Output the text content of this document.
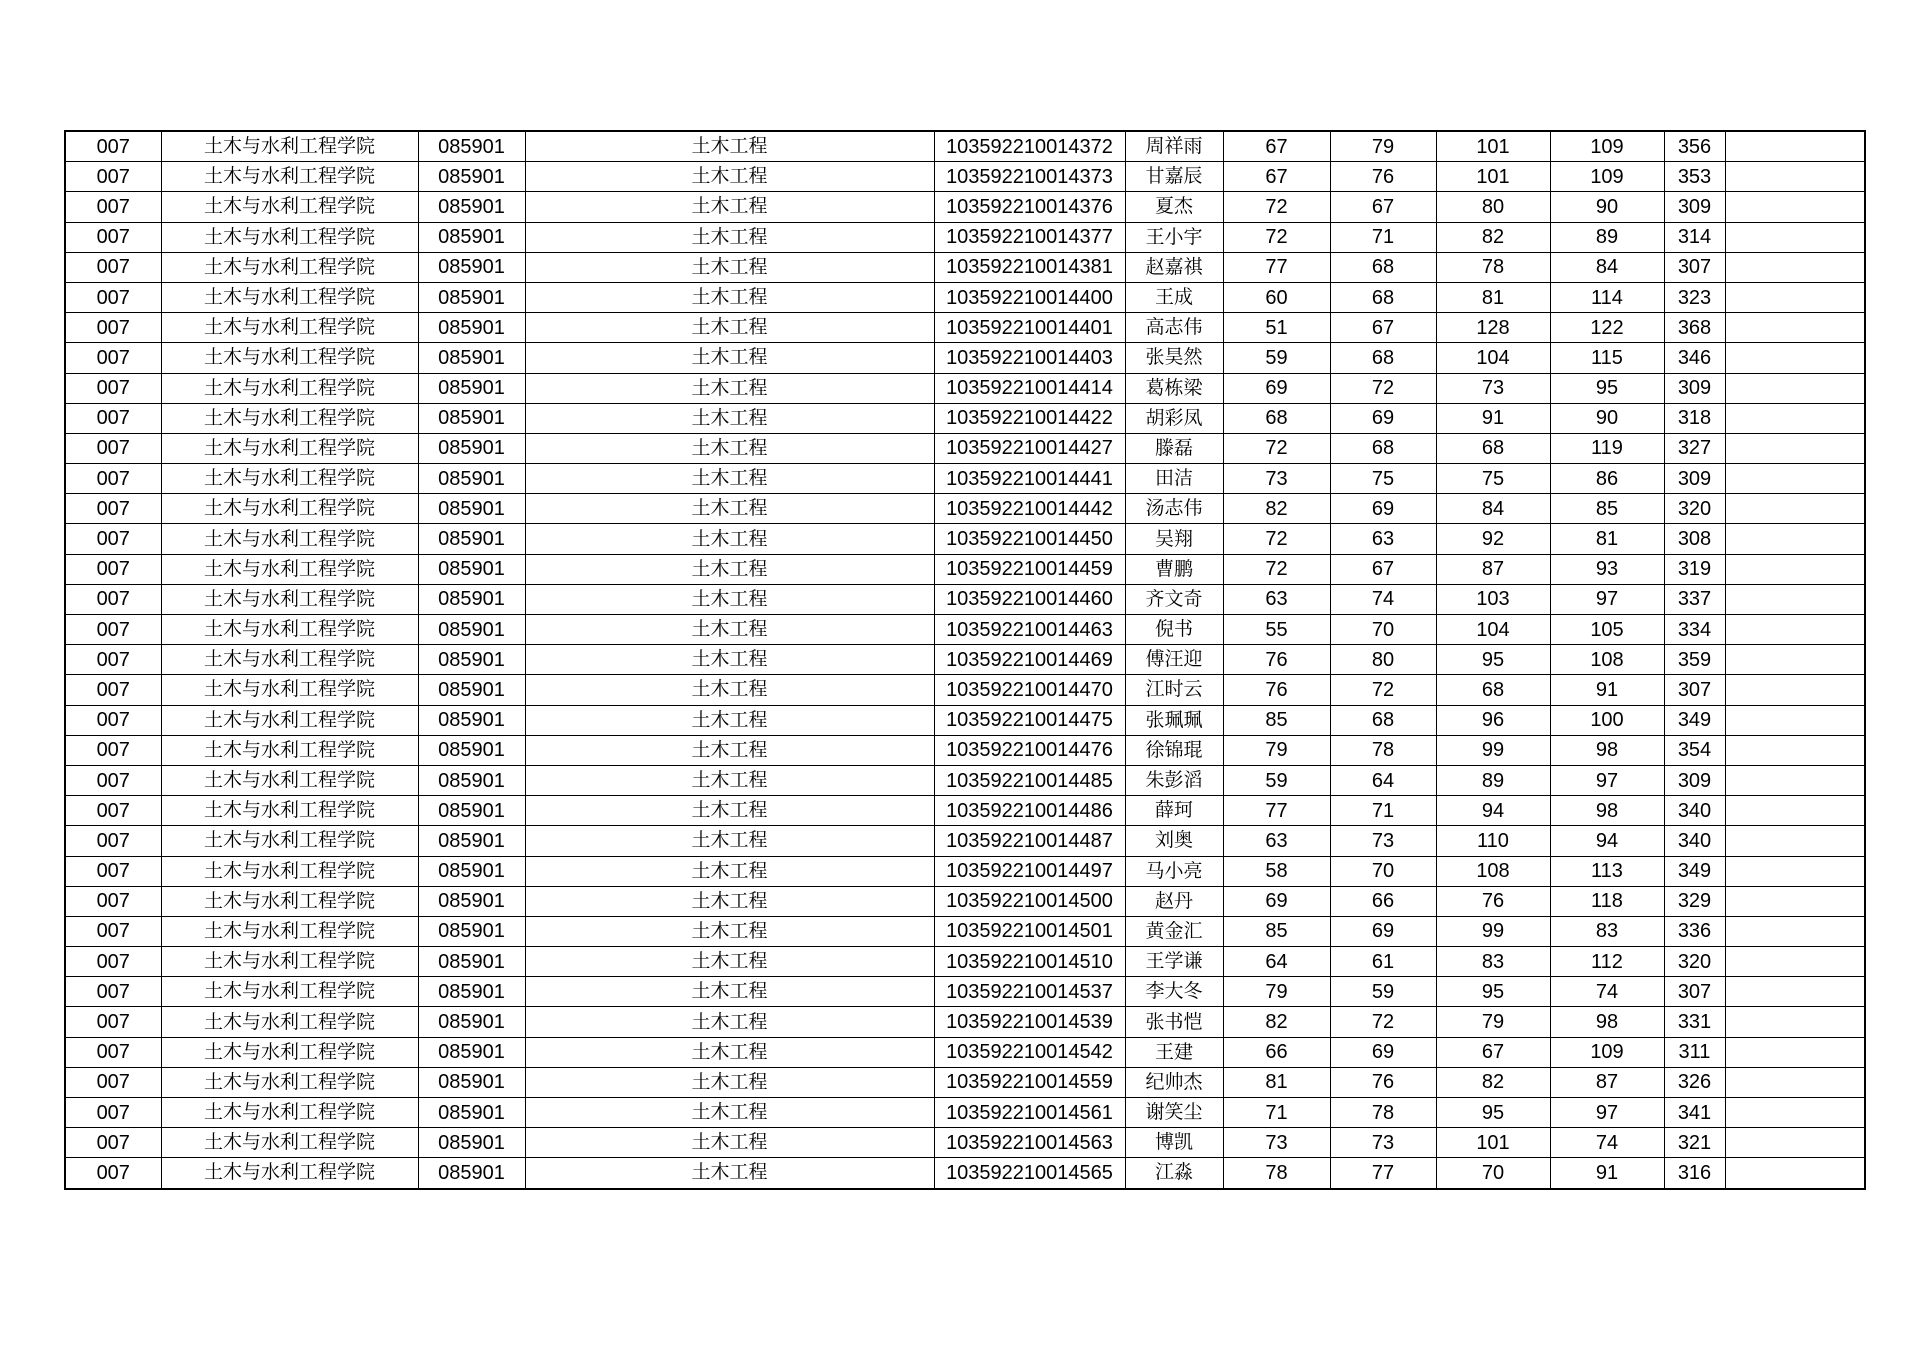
007	土木与水利工程学院	085901	土木工程	103592210014372	周祥雨	67	79	101	109	356	
007	土木与水利工程学院	085901	土木工程	103592210014373	甘嘉辰	67	76	101	109	353	
007	土木与水利工程学院	085901	土木工程	103592210014376	夏杰	72	67	80	90	309	
007	土木与水利工程学院	085901	土木工程	103592210014377	王小宇	72	71	82	89	314	
007	土木与水利工程学院	085901	土木工程	103592210014381	赵嘉祺	77	68	78	84	307	
007	土木与水利工程学院	085901	土木工程	103592210014400	王成	60	68	81	114	323	
007	土木与水利工程学院	085901	土木工程	103592210014401	高志伟	51	67	128	122	368	
007	土木与水利工程学院	085901	土木工程	103592210014403	张昊然	59	68	104	115	346	
007	土木与水利工程学院	085901	土木工程	103592210014414	葛栋梁	69	72	73	95	309	
007	土木与水利工程学院	085901	土木工程	103592210014422	胡彩凤	68	69	91	90	318	
007	土木与水利工程学院	085901	土木工程	103592210014427	滕磊	72	68	68	119	327	
007	土木与水利工程学院	085901	土木工程	103592210014441	田洁	73	75	75	86	309	
007	土木与水利工程学院	085901	土木工程	103592210014442	汤志伟	82	69	84	85	320	
007	土木与水利工程学院	085901	土木工程	103592210014450	吴翔	72	63	92	81	308	
007	土木与水利工程学院	085901	土木工程	103592210014459	曹鹏	72	67	87	93	319	
007	土木与水利工程学院	085901	土木工程	103592210014460	齐文奇	63	74	103	97	337	
007	土木与水利工程学院	085901	土木工程	103592210014463	倪书	55	70	104	105	334	
007	土木与水利工程学院	085901	土木工程	103592210014469	傅汪迎	76	80	95	108	359	
007	土木与水利工程学院	085901	土木工程	103592210014470	江时云	76	72	68	91	307	
007	土木与水利工程学院	085901	土木工程	103592210014475	张珮珮	85	68	96	100	349	
007	土木与水利工程学院	085901	土木工程	103592210014476	徐锦琨	79	78	99	98	354	
007	土木与水利工程学院	085901	土木工程	103592210014485	朱彭滔	59	64	89	97	309	
007	土木与水利工程学院	085901	土木工程	103592210014486	薛珂	77	71	94	98	340	
007	土木与水利工程学院	085901	土木工程	103592210014487	刘奥	63	73	110	94	340	
007	土木与水利工程学院	085901	土木工程	103592210014497	马小亮	58	70	108	113	349	
007	土木与水利工程学院	085901	土木工程	103592210014500	赵丹	69	66	76	118	329	
007	土木与水利工程学院	085901	土木工程	103592210014501	黄金汇	85	69	99	83	336	
007	土木与水利工程学院	085901	土木工程	103592210014510	王学谦	64	61	83	112	320	
007	土木与水利工程学院	085901	土木工程	103592210014537	李大冬	79	59	95	74	307	
007	土木与水利工程学院	085901	土木工程	103592210014539	张书恺	82	72	79	98	331	
007	土木与水利工程学院	085901	土木工程	103592210014542	王建	66	69	67	109	311	
007	土木与水利工程学院	085901	土木工程	103592210014559	纪帅杰	81	76	82	87	326	
007	土木与水利工程学院	085901	土木工程	103592210014561	谢笑尘	71	78	95	97	341	
007	土木与水利工程学院	085901	土木工程	103592210014563	博凯	73	73	101	74	321	
007	土木与水利工程学院	085901	土木工程	103592210014565	江淼	78	77	70	91	316	
